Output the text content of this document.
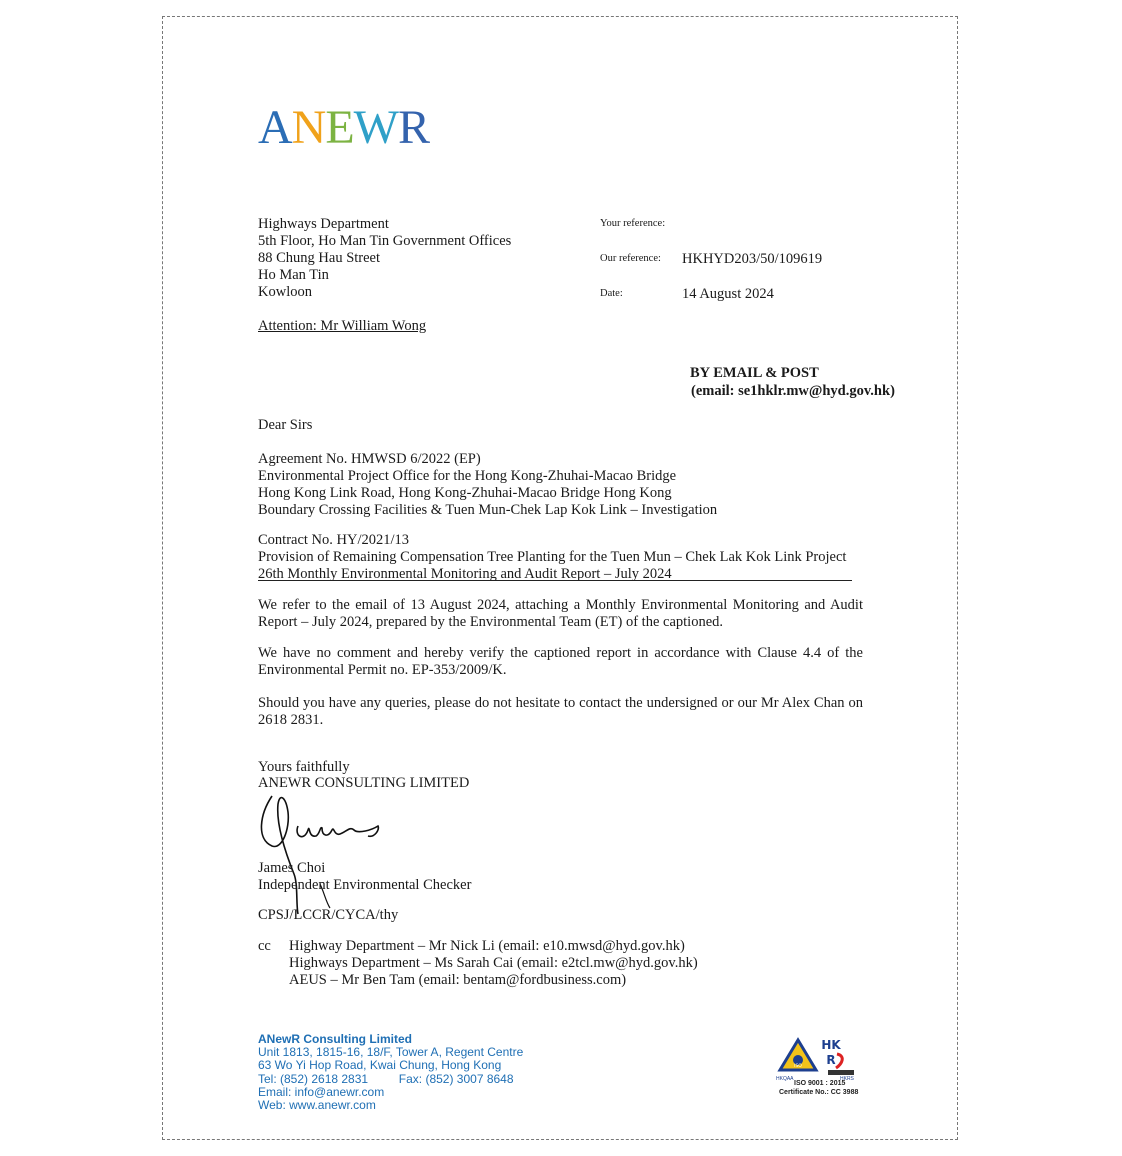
ANEWR
Highways Department
5th Floor, Ho Man Tin Government Offices
88 Chung Hau Street
Ho Man Tin
Kowloon
Attention: Mr William Wong
Your reference:
Our reference: HKHYD203/50/109619
Date:	14 August 2024
BY EMAIL & POST
(email: se1hklr.mw@hyd.gov.hk)
Dear Sirs
Agreement No. HMWSD 6/2022 (EP)
Environmental Project Office for the Hong Kong-Zhuhai-Macao Bridge
Hong Kong Link Road, Hong Kong-Zhuhai-Macao Bridge Hong Kong
Boundary Crossing Facilities & Tuen Mun-Chek Lap Kok Link – Investigation
Contract No. HY/2021/13
Provision of Remaining Compensation Tree Planting for the Tuen Mun – Chek Lak Kok Link Project
26th Monthly Environmental Monitoring and Audit Report – July 2024
We refer to the email of 13 August 2024, attaching a Monthly Environmental Monitoring and Audit Report – July 2024, prepared by the Environmental Team (ET) of the captioned.
We have no comment and hereby verify the captioned report in accordance with Clause 4.4 of the Environmental Permit no. EP-353/2009/K.
Should you have any queries, please do not hesitate to contact the undersigned or our Mr Alex Chan on 2618 2831.
Yours faithfully
ANEWR CONSULTING LIMITED
James Choi
Independent Environmental Checker
CPSJ/LCCR/CYCA/thy
cc Highway Department – Mr Nick Li (email: e10.mwsd@hyd.gov.hk)
Highways Department – Ms Sarah Cai (email: e2tcl.mw@hyd.gov.hk)
AEUS – Mr Ben Tam (email: bentam@fordbusiness.com)
ANewR Consulting Limited
Unit 1813, 1815-16, 18/F, Tower A, Regent Centre
63 Wo Yi Hop Road, Kwai Chung, Hong Kong
Tel: (852) 2618 2831	Fax: (852) 3007 8648
Email: info@anewr.com
Web: www.anewr.com
ISO
HK
R
HKQAA	HKRS
ISO 9001 : 2015
Certificate No.: CC 3988
